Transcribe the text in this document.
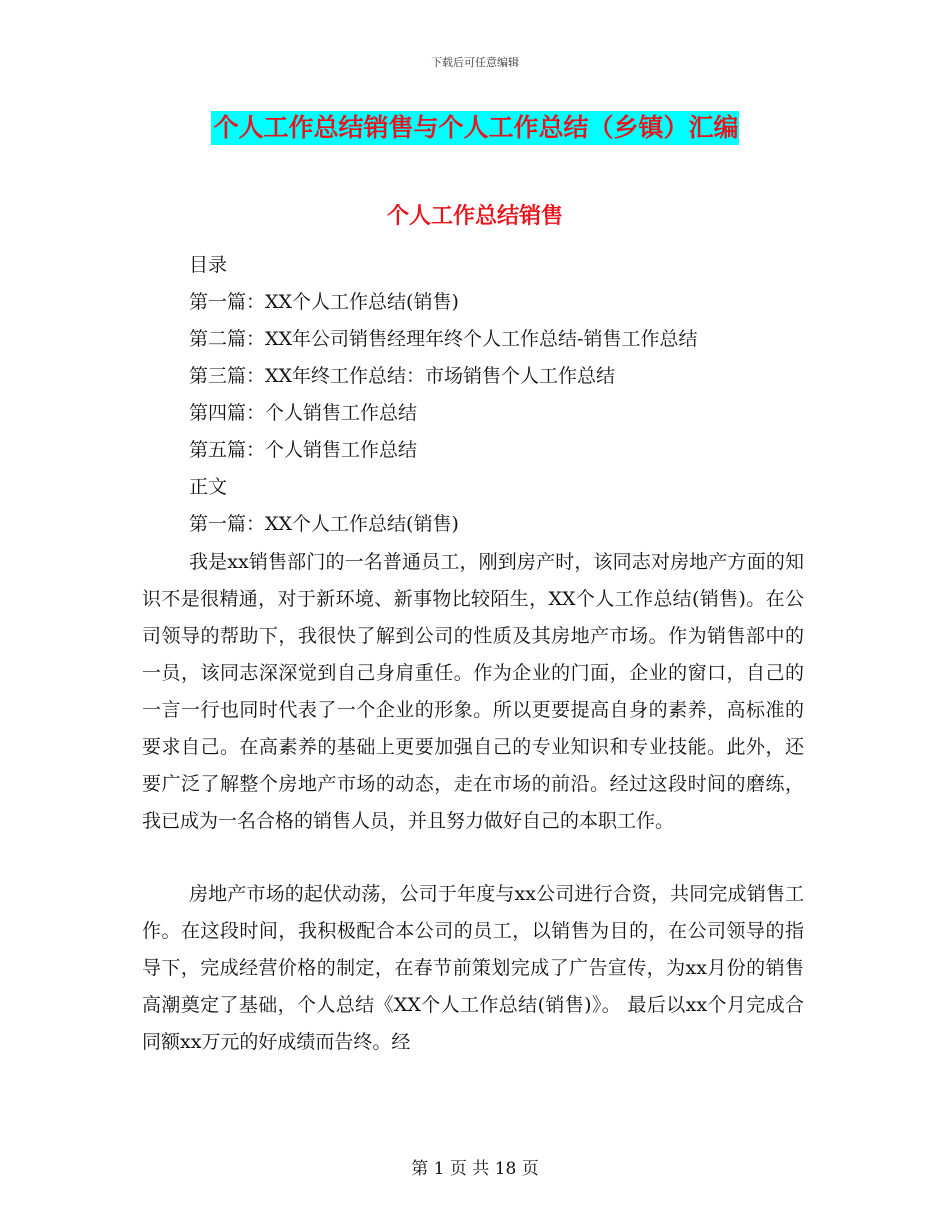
下载后可任意编辑
个人工作总结销售与个人工作总结（乡镇）汇编
个人工作总结销售
目录
第一篇：XX个人工作总结(销售)
第二篇：XX年公司销售经理年终个人工作总结-销售工作总结
第三篇：XX年终工作总结：市场销售个人工作总结
第四篇：个人销售工作总结
第五篇：个人销售工作总结
正文
第一篇：XX个人工作总结(销售)
我是xx销售部门的一名普通员工，刚到房产时，该同志对房地产方面的知识不是很精通，对于新环境、新事物比较陌生，XX个人工作总结(销售)。在公司领导的帮助下，我很快了解到公司的性质及其房地产市场。作为销售部中的一员，该同志深深觉到自己身肩重任。作为企业的门面，企业的窗口，自己的一言一行也同时代表了一个企业的形象。所以更要提高自身的素养，高标准的要求自己。在高素养的基础上更要加强自己的专业知识和专业技能。此外，还要广泛了解整个房地产市场的动态，走在市场的前沿。经过这段时间的磨练，我已成为一名合格的销售人员，并且努力做好自己的本职工作。
房地产市场的起伏动荡，公司于年度与xx公司进行合资，共同完成销售工作。在这段时间，我积极配合本公司的员工，以销售为目的，在公司领导的指导下，完成经营价格的制定，在春节前策划完成了广告宣传，为xx月份的销售高潮奠定了基础，个人总结《XX个人工作总结(销售)》。 最后以xx个月完成合同额xx万元的好成绩而告终。经
第 1 页 共 18 页
